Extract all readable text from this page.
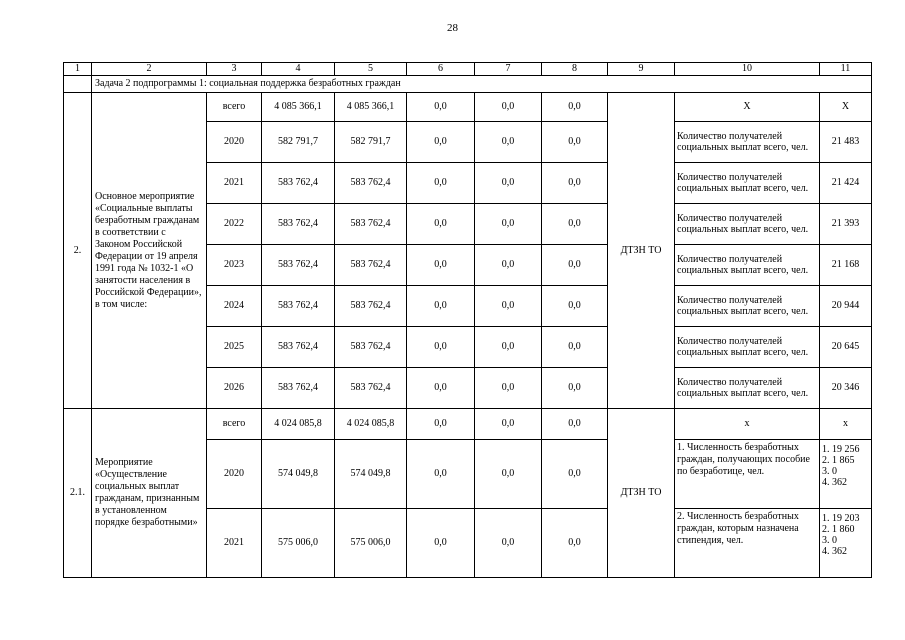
28
1	2	3	4	5	6	7	8	9	10	11
	Задача 2 подпрограммы 1: социальная поддержка безработных граждан									
2.	Основное мероприятие «Социальные выплаты безработным гражданам в соответствии с Законом Российской Федерации от 19 апреля 1991 года № 1032-1 «О занятости населения в Российской Федерации», в том числе:	всего	4 085 366,1	4 085 366,1	0,0	0,0	0,0	ДТЗН ТО	Х	Х
		2020	582 791,7	582 791,7	0,0	0,0	0,0		Количество получателей социальных выплат всего, чел.	21 483
		2021	583 762,4	583 762,4	0,0	0,0	0,0		Количество получателей социальных выплат всего, чел.	21 424
		2022	583 762,4	583 762,4	0,0	0,0	0,0		Количество получателей социальных выплат всего, чел.	21 393
		2023	583 762,4	583 762,4	0,0	0,0	0,0		Количество получателей социальных выплат всего, чел.	21 168
		2024	583 762,4	583 762,4	0,0	0,0	0,0		Количество получателей социальных выплат всего, чел.	20 944
		2025	583 762,4	583 762,4	0,0	0,0	0,0		Количество получателей социальных выплат всего, чел.	20 645
		2026	583 762,4	583 762,4	0,0	0,0	0,0		Количество получателей социальных выплат всего, чел.	20 346
2.1.	Мероприятие «Осуществление социальных выплат гражданам, признанным в установленном порядке безработными»	всего	4 024 085,8	4 024 085,8	0,0	0,0	0,0	ДТЗН ТО	х	х
		2020	574 049,8	574 049,8	0,0	0,0	0,0		1. Численность безработных граждан, получающих пособие по безработице, чел.	1. 19 256
2. 1 865
3. 0
4. 362
		2021	575 006,0	575 006,0	0,0	0,0	0,0		2. Численность безработных граждан, которым назначена стипендия, чел.	1. 19 203
2. 1 860
3. 0
4. 362
